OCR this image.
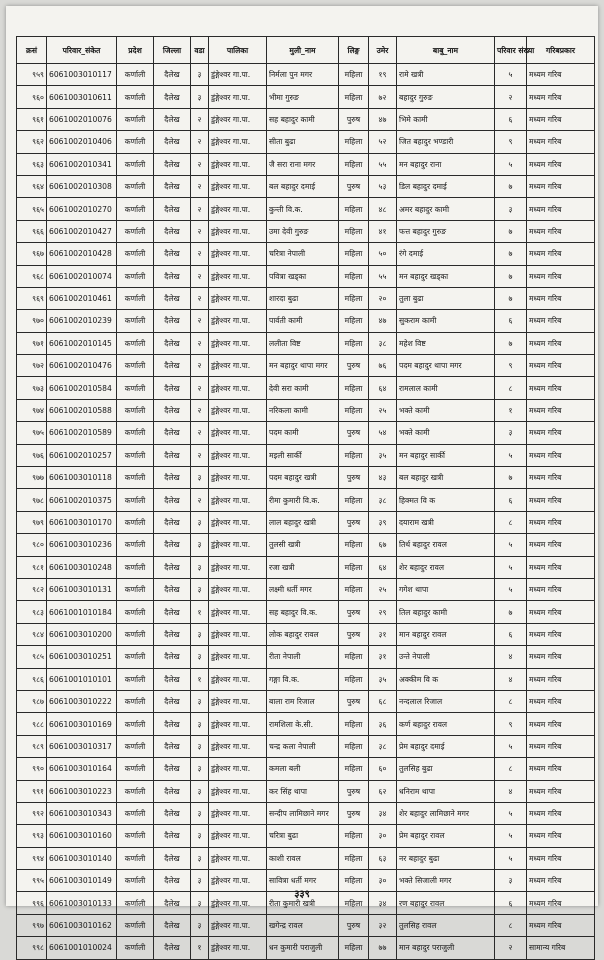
क्रसं	परिवार_संकेत	प्रदेश	जिल्ला	वडा	पालिका	मुली_नाम	लिङ्ग	उमेर	बाबु_नाम	परिवार संख्या	गरिबप्रकार
९५९	6061003010117	कर्णाली	दैलेख	३	डुंङ्गेश्वर गा.पा.	निर्मला पुन मगर	महिला	१९	रामे खत्री	५	मध्यम गरिब
९६०	6061003010611	कर्णाली	दैलेख	३	डुंङ्गेश्वर गा.पा.	भीमा गुरुङ	महिला	७२	बहादुर गुरुङ	२	मध्यम गरिब
९६१	6061002010076	कर्णाली	दैलेख	२	डुंङ्गेश्वर गा.पा.	सह बहादुर कामी	पुरुष	४७	भिमे कामी	६	मध्यम गरिब
९६२	6061002010406	कर्णाली	दैलेख	२	डुंङ्गेश्वर गा.पा.	सीता बुढा	महिला	५२	जित बहादुर भण्डारी	९	मध्यम गरिब
९६३	6061002010341	कर्णाली	दैलेख	२	डुंङ्गेश्वर गा.पा.	जै सरा राना मगर	महिला	५५	मन बहादुर राना	५	मध्यम गरिब
९६४	6061002010308	कर्णाली	दैलेख	२	डुंङ्गेश्वर गा.पा.	बल बहादुर दमाई	पुरुष	५३	डिल बहादुर दमाई	७	मध्यम गरिब
९६५	6061002010270	कर्णाली	दैलेख	२	डुंङ्गेश्वर गा.पा.	कुन्ती वि.क.	महिला	४८	अमर बहादुर कामी	३	मध्यम गरिब
९६६	6061002010427	कर्णाली	दैलेख	२	डुंङ्गेश्वर गा.पा.	उमा देवी गुरुङ	महिला	४१	फत्त बहादुर गुरुङ	७	मध्यम गरिब
९६७	6061002010428	कर्णाली	दैलेख	२	डुंङ्गेश्वर गा.पा.	चरित्रा नेपाली	महिला	५०	रंगे दमाई	७	मध्यम गरिब
९६८	6061002010074	कर्णाली	दैलेख	२	डुंङ्गेश्वर गा.पा.	पवित्रा खड्का	महिला	५५	मन बहादुर खड्का	७	मध्यम गरिब
९६९	6061002010461	कर्णाली	दैलेख	२	डुंङ्गेश्वर गा.पा.	शारदा बुढा	महिला	२०	तुला बुढा	७	मध्यम गरिब
९७०	6061002010239	कर्णाली	दैलेख	२	डुंङ्गेश्वर गा.पा.	पार्वती कामी	महिला	४७	सुकराम कामी	६	मध्यम गरिब
९७१	6061002010145	कर्णाली	दैलेख	२	डुंङ्गेश्वर गा.पा.	ललीता विष्ट	महिला	३८	महेश विष्ट	७	मध्यम गरिब
९७२	6061002010476	कर्णाली	दैलेख	२	डुंङ्गेश्वर गा.पा.	मन बहादुर थापा मगर	पुरुष	७६	पदम बहादुर थापा मगर	९	मध्यम गरिब
९७३	6061002010584	कर्णाली	दैलेख	२	डुंङ्गेश्वर गा.पा.	देवी सरा कामी	महिला	६४	रामलाल कामी	८	मध्यम गरिब
९७४	6061002010588	कर्णाली	दैलेख	२	डुंङ्गेश्वर गा.पा.	नरिकला कामी	महिला	२५	भक्ते कामी	१	मध्यम गरिब
९७५	6061002010589	कर्णाली	दैलेख	२	डुंङ्गेश्वर गा.पा.	पदम कामी	पुरुष	५४	भक्ते कामी	३	मध्यम गरिब
९७६	6061002010257	कर्णाली	दैलेख	२	डुंङ्गेश्वर गा.पा.	मइली सार्की	महिला	३५	मन बहादुर सार्की	५	मध्यम गरिब
९७७	6061003010118	कर्णाली	दैलेख	३	डुंङ्गेश्वर गा.पा.	पदम बहादुर खत्री	पुरुष	४३	बल बहादुर खत्री	७	मध्यम गरिब
९७८	6061002010375	कर्णाली	दैलेख	२	डुंङ्गेश्वर गा.पा.	रीमा कुमारी वि.क.	महिला	३८	हिक्मत वि क	६	मध्यम गरिब
९७९	6061003010170	कर्णाली	दैलेख	३	डुंङ्गेश्वर गा.पा.	लाल बहादुर खत्री	पुरुष	३९	दयाराम खत्री	८	मध्यम गरिब
९८०	6061003010236	कर्णाली	दैलेख	३	डुंङ्गेश्वर गा.पा.	तुलसी खत्री	महिला	६७	तिर्थ बहादुर रावल	५	मध्यम गरिब
९८१	6061003010248	कर्णाली	दैलेख	३	डुंङ्गेश्वर गा.पा.	रजा खत्री	महिला	६४	शेर बहादुर रावल	५	मध्यम गरिब
९८२	6061003010131	कर्णाली	दैलेख	३	डुंङ्गेश्वर गा.पा.	लक्ष्मी धर्ती मगर	महिला	२५	गगेश थापा	५	मध्यम गरिब
९८३	6061001010184	कर्णाली	दैलेख	१	डुंङ्गेश्वर गा.पा.	सह बहादुर वि.क.	पुरुष	२९	तिल बहादुर कामी	७	मध्यम गरिब
९८४	6061003010200	कर्णाली	दैलेख	३	डुंङ्गेश्वर गा.पा.	लोक बहादुर रावल	पुरुष	३१	मान बहादुर रावल	६	मध्यम गरिब
९८५	6061003010251	कर्णाली	दैलेख	३	डुंङ्गेश्वर गा.पा.	रीता नेपाली	महिला	३१	उन्ते नेपाली	४	मध्यम गरिब
९८६	6061001010101	कर्णाली	दैलेख	१	डुंङ्गेश्वर गा.पा.	गङ्गा वि.क.	महिला	३५	अक्कीम वि क	४	मध्यम गरिब
९८७	6061003010222	कर्णाली	दैलेख	३	डुंङ्गेश्वर गा.पा.	बाला राम रिजाल	पुरुष	६८	नन्दलाल रिजाल	८	मध्यम गरिब
९८८	6061003010169	कर्णाली	दैलेख	३	डुंङ्गेश्वर गा.पा.	रामशिला के.सी.	महिला	३६	कर्ण बहादुर रावल	९	मध्यम गरिब
९८९	6061003010317	कर्णाली	दैलेख	३	डुंङ्गेश्वर गा.पा.	चन्द्र कला नेपाली	महिला	३८	प्रेम बहादुर दमाई	५	मध्यम गरिब
९९०	6061003010164	कर्णाली	दैलेख	३	डुंङ्गेश्वर गा.पा.	कमला बली	महिला	६०	तुलसिह बुढा	८	मध्यम गरिब
९९१	6061003010223	कर्णाली	दैलेख	३	डुंङ्गेश्वर गा.पा.	कर सिंह थापा	पुरुष	६२	धनिराम थापा	४	मध्यम गरिब
९९२	6061003010343	कर्णाली	दैलेख	३	डुंङ्गेश्वर गा.पा.	सन्दीप लामिछाने मगर	पुरुष	३४	शेर बहादुर लामिछाने मगर	५	मध्यम गरिब
९९३	6061003010160	कर्णाली	दैलेख	३	डुंङ्गेश्वर गा.पा.	चरित्रा बुढा	महिला	३०	प्रेम बहादुर रावल	५	मध्यम गरिब
९९४	6061003010140	कर्णाली	दैलेख	३	डुंङ्गेश्वर गा.पा.	काशी रावल	महिला	६३	नर बहादुर बुढा	५	मध्यम गरिब
९९५	6061003010149	कर्णाली	दैलेख	३	डुंङ्गेश्वर गा.पा.	सावित्रा धर्ती मगर	महिला	३०	भक्ते सिजाली मगर	३	मध्यम गरिब
९९६	6061003010133	कर्णाली	दैलेख	३	डुंङ्गेश्वर गा.पा.	रीता कुमारी खत्री	महिला	३४	रण बहादुर रावल	६	मध्यम गरिब
९९७	6061003010162	कर्णाली	दैलेख	३	डुंङ्गेश्वर गा.पा.	खगेन्द्र रावल	पुरुष	३२	तुलसिह रावल	८	मध्यम गरिब
९९८	6061001010024	कर्णाली	दैलेख	१	डुंङ्गेश्वर गा.पा.	धन कुमारी पराजुली	महिला	७७	मान बहादुर पराजुली	२	सामान्य गरिब
३३९
